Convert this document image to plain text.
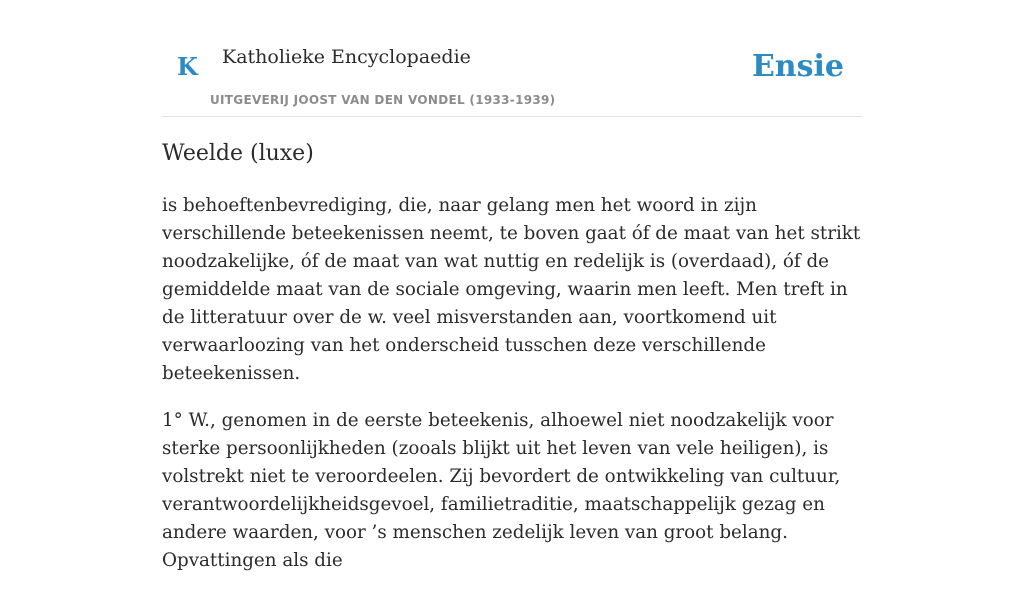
K Katholieke Encyclopaedie
UITGEVERIJ JOOST VAN DEN VONDEL (1933-1939)
Ensie
Weelde (luxe)

is behoeftenbevrediging, die, naar gelang men het woord in zijn verschillende beteekenissen neemt, te boven gaat óf de maat van het strikt noodzakelijke, óf de maat van wat nuttig en redelijk is (overdaad), óf de gemiddelde maat van de sociale omgeving, waarin men leeft. Men treft in de litteratuur over de w. veel misverstanden aan, voortkomend uit verwaarloozing van het onderscheid tusschen deze verschillende beteekenissen.

1° W., genomen in de eerste beteekenis, alhoewel niet noodzakelijk voor sterke persoonlijkheden (zooals blijkt uit het leven van vele heiligen), is volstrekt niet te veroordeelen. Zij bevordert de ontwikkeling van cultuur, verantwoordelijkheidsgevoel, familietraditie, maatschappelijk gezag en andere waarden, voor ’s menschen zedelijk leven van groot belang. Opvattingen als die
